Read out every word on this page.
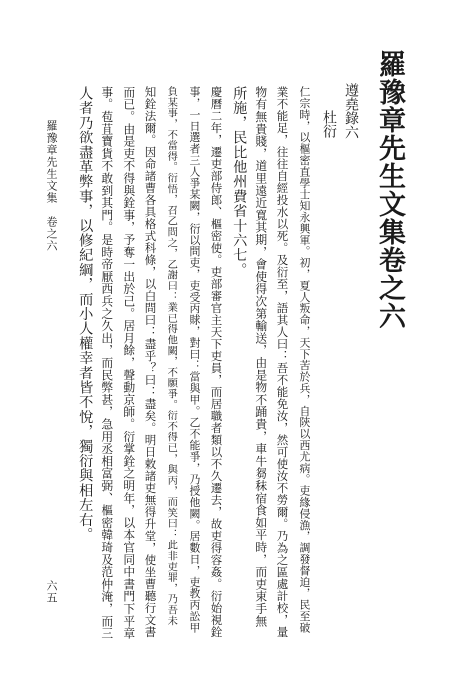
羅豫章先生文集卷之六
遵堯錄六
杜衍
仁宗時，以樞密直學士知永興軍。初，夏人叛命，天下苦於兵，自陝以西尤病。吏緣侵漁，調發督迫，民至破
業不能足，往往自經投水以死。及衍至，語其人曰：吾不能免汝，然可使汝不勞爾。乃為之區處計校，量
物有無貴賤，道里遠近寬其期，會使得次第輸送，由是物不踊貴，車牛芻秣宿食如平時，而吏束手無
所施，民比他州費省十六七。
慶曆二年，遷吏部侍郎、樞密使。吏部審官主天下吏員，而居職者類以不久遷去，故吏得容姦。衍始視銓
事，一日選者三人爭某闕，衍以問吏，吏受丙賕，對曰：當與甲。乙不能爭，乃授他闕。居數日，吏教丙訟甲
負某事，不當得。衍悟，召乙問之，乙謝曰：業已得他闕，不願爭。衍不得已，與丙，而笑曰：此非吏罪，乃吾未
知銓法爾。因命諸曹各具格式科條，以白問曰：盡乎？曰：盡矣。明日敕諸吏無得升堂，使坐曹聽行文書
而已。由是吏不得與銓事，予奪一出於己。居月餘，聲動京師。衍掌銓之明年，以本官同中書門下平章
事。苞苴寶貨不敢到其門。是時帝厭西兵之久出，而民弊甚，急用丞相富弼、樞密韓琦及范仲淹，而三
人者乃欲盡革弊事，以修紀綱，而小人權幸者皆不悅，獨衍與相左右。
羅豫章先生文集　卷之六
六五
